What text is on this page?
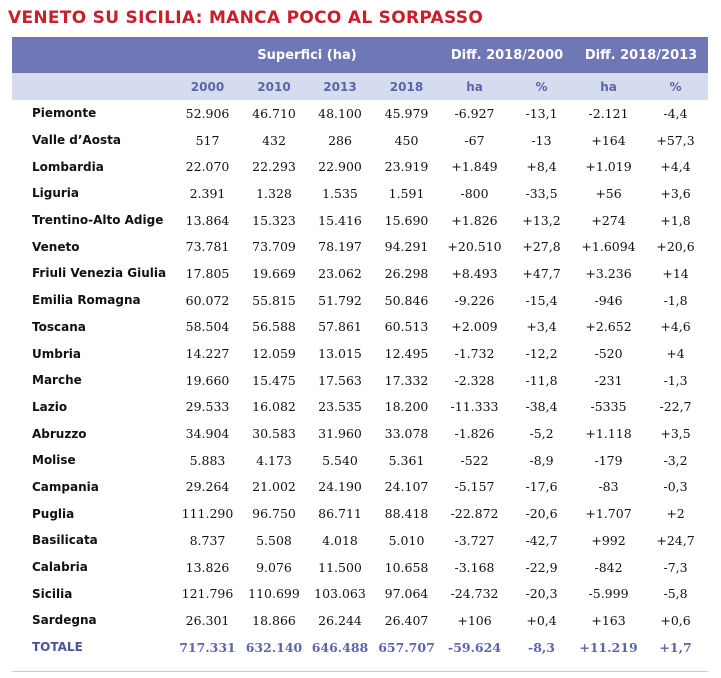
VENETO SU SICILIA: MANCA POCO AL SORPASSO
	Superfici (ha)				Diff. 2018/2000		Diff. 2018/2013	
	2000	2010	2013	2018	ha	%	ha	%
Piemonte	52.906	46.710	48.100	45.979	-6.927	-13,1	-2.121	-4,4
Valle d’Aosta	517	432	286	450	-67	-13	+164	+57,3
Lombardia	22.070	22.293	22.900	23.919	+1.849	+8,4	+1.019	+4,4
Liguria	2.391	1.328	1.535	1.591	-800	-33,5	+56	+3,6
Trentino-Alto Adige	13.864	15.323	15.416	15.690	+1.826	+13,2	+274	+1,8
Veneto	73.781	73.709	78.197	94.291	+20.510	+27,8	+1.6094	+20,6
Friuli Venezia Giulia	17.805	19.669	23.062	26.298	+8.493	+47,7	+3.236	+14
Emilia Romagna	60.072	55.815	51.792	50.846	-9.226	-15,4	-946	-1,8
Toscana	58.504	56.588	57.861	60.513	+2.009	+3,4	+2.652	+4,6
Umbria	14.227	12.059	13.015	12.495	-1.732	-12,2	-520	+4
Marche	19.660	15.475	17.563	17.332	-2.328	-11,8	-231	-1,3
Lazio	29.533	16.082	23.535	18.200	-11.333	-38,4	-5335	-22,7
Abruzzo	34.904	30.583	31.960	33.078	-1.826	-5,2	+1.118	+3,5
Molise	5.883	4.173	5.540	5.361	-522	-8,9	-179	-3,2
Campania	29.264	21.002	24.190	24.107	-5.157	-17,6	-83	-0,3
Puglia	111.290	96.750	86.711	88.418	-22.872	-20,6	+1.707	+2
Basilicata	8.737	5.508	4.018	5.010	-3.727	-42,7	+992	+24,7
Calabria	13.826	9.076	11.500	10.658	-3.168	-22,9	-842	-7,3
Sicilia	121.796	110.699	103.063	97.064	-24.732	-20,3	-5.999	-5,8
Sardegna	26.301	18.866	26.244	26.407	+106	+0,4	+163	+0,6
TOTALE	717.331	632.140	646.488	657.707	-59.624	-8,3	+11.219	+1,7
